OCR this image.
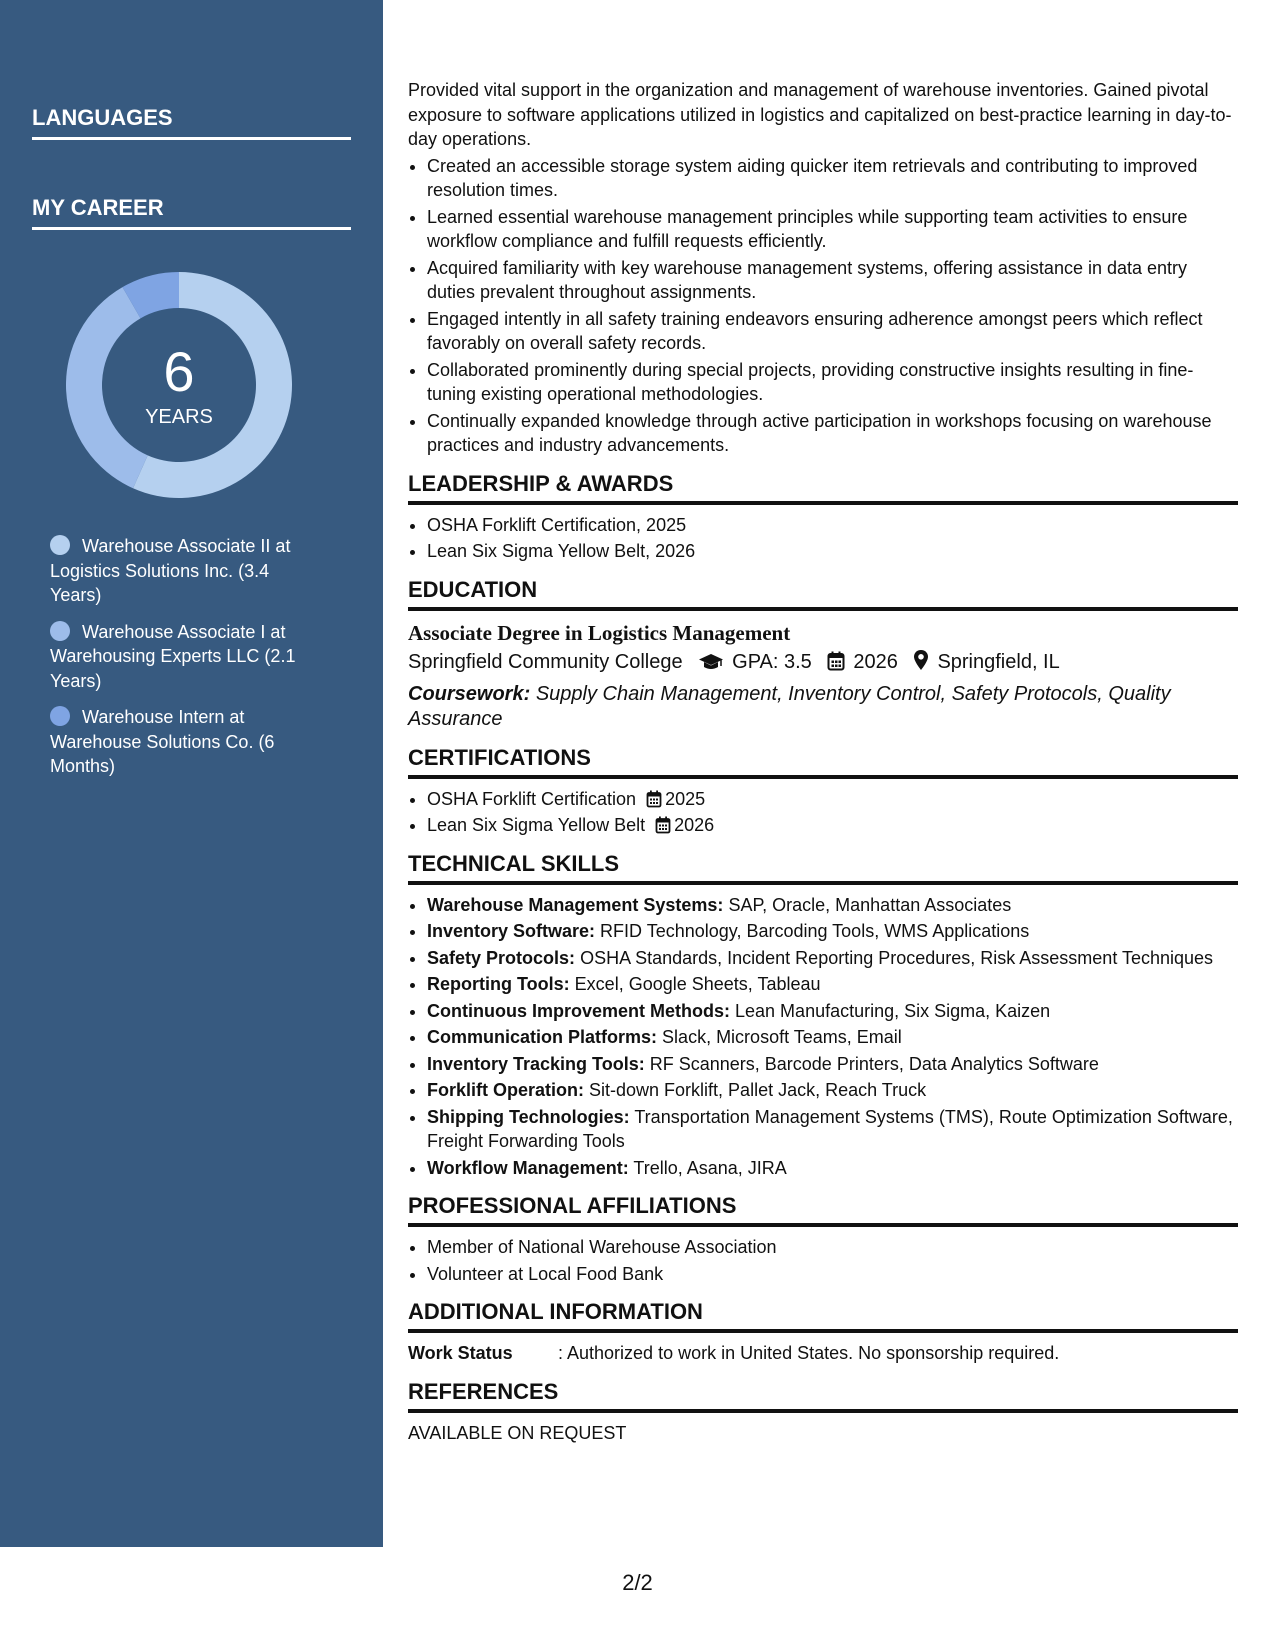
LANGUAGES
MY CAREER
6
YEARS
Warehouse Associate II at Logistics Solutions Inc. (3.4 Years)
Warehouse Associate I at Warehousing Experts LLC (2.1 Years)
Warehouse Intern at Warehouse Solutions Co. (6 Months)

Provided vital support in the organization and management of warehouse inventories. Gained pivotal exposure to software applications utilized in logistics and capitalized on best-practice learning in day-to-day operations.

• Created an accessible storage system aiding quicker item retrievals and contributing to improved resolution times.
• Learned essential warehouse management principles while supporting team activities to ensure workflow compliance and fulfill requests efficiently.
• Acquired familiarity with key warehouse management systems, offering assistance in data entry duties prevalent throughout assignments.
• Engaged intently in all safety training endeavors ensuring adherence amongst peers which reflect favorably on overall safety records.
• Collaborated prominently during special projects, providing constructive insights resulting in fine-tuning existing operational methodologies.
• Continually expanded knowledge through active participation in workshops focusing on warehouse practices and industry advancements.
LEADERSHIP & AWARDS
• OSHA Forklift Certification, 2025
• Lean Six Sigma Yellow Belt, 2026
EDUCATION
Associate Degree in Logistics Management
Springfield Community College GPA: 3.5 2026 Springfield, IL
Coursework: Supply Chain Management, Inventory Control, Safety Protocols, Quality Assurance
CERTIFICATIONS
• OSHA Forklift Certification 2025
• Lean Six Sigma Yellow Belt 2026
TECHNICAL SKILLS
• Warehouse Management Systems: SAP, Oracle, Manhattan Associates
• Inventory Software: RFID Technology, Barcoding Tools, WMS Applications
• Safety Protocols: OSHA Standards, Incident Reporting Procedures, Risk Assessment Techniques
• Reporting Tools: Excel, Google Sheets, Tableau
• Continuous Improvement Methods: Lean Manufacturing, Six Sigma, Kaizen
• Communication Platforms: Slack, Microsoft Teams, Email
• Inventory Tracking Tools: RF Scanners, Barcode Printers, Data Analytics Software
• Forklift Operation: Sit-down Forklift, Pallet Jack, Reach Truck
• Shipping Technologies: Transportation Management Systems (TMS), Route Optimization Software, Freight Forwarding Tools
• Workflow Management: Trello, Asana, JIRA
PROFESSIONAL AFFILIATIONS
• Member of National Warehouse Association
• Volunteer at Local Food Bank
ADDITIONAL INFORMATION
Work Status	: Authorized to work in United States. No sponsorship required.
REFERENCES
AVAILABLE ON REQUEST
2/2
